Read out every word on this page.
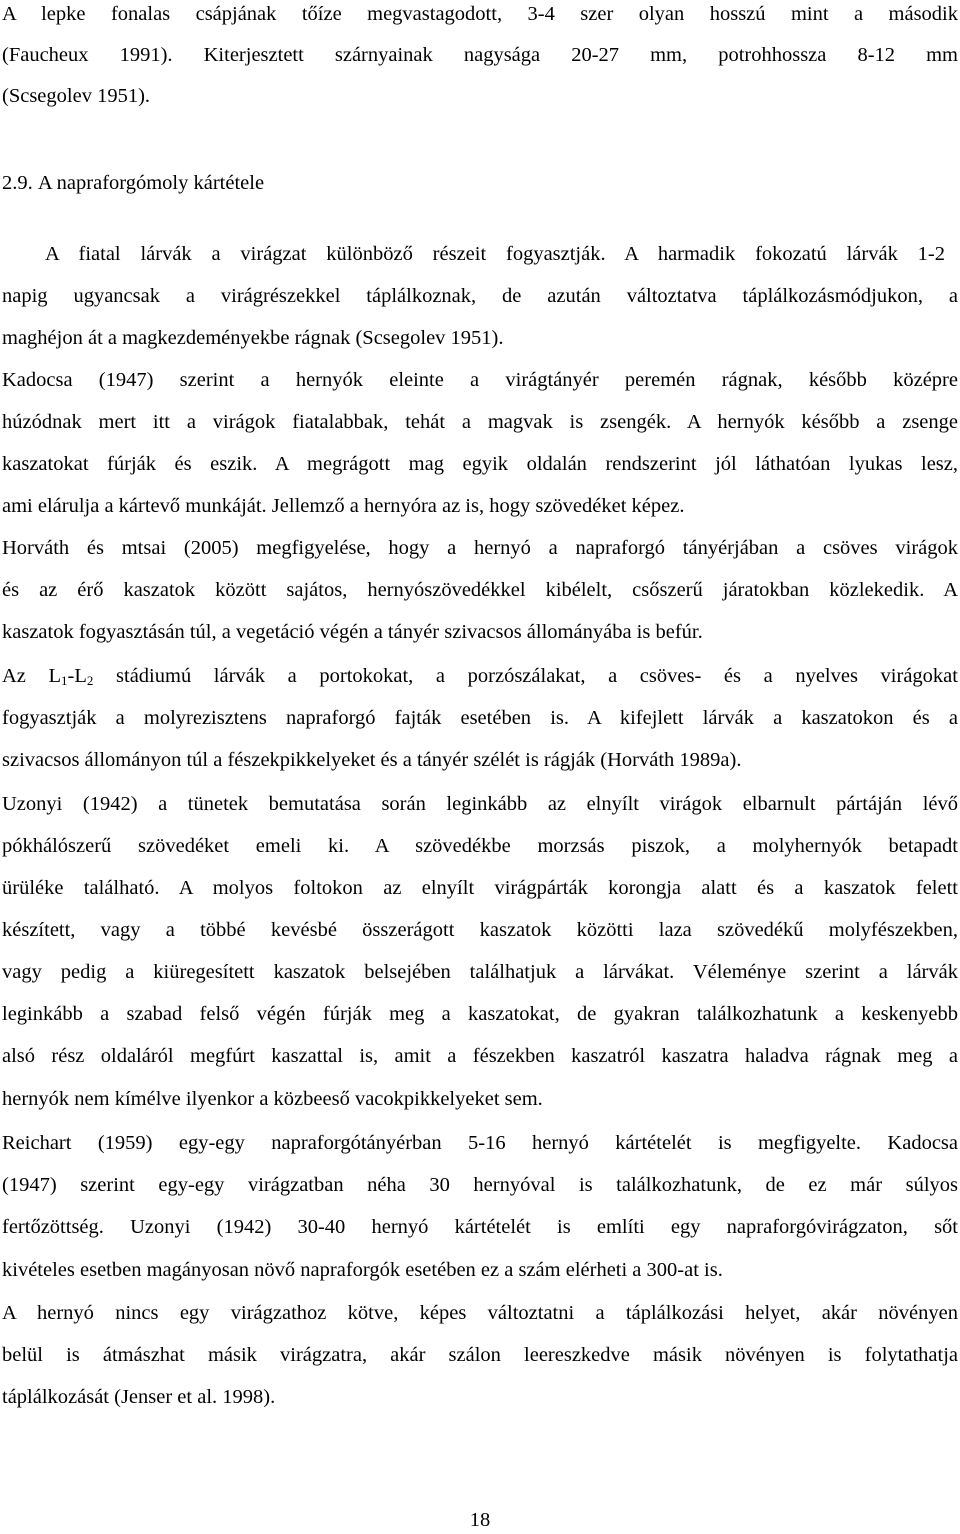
A lepke fonalas csápjának tőíze megvastagodott, 3-4 szer olyan hosszú mint a második
(Faucheux 1991). Kiterjesztett szárnyainak nagysága 20-27 mm, potrohhossza 8-12 mm
(Scsegolev 1951).
2.9. A napraforgómoly kártétele
A fiatal lárvák a virágzat különböző részeit fogyasztják. A harmadik fokozatú lárvák 1-2
napig ugyancsak a virágrészekkel táplálkoznak, de azután változtatva táplálkozásmódjukon, a
maghéjon át a magkezdeményekbe rágnak (Scsegolev 1951).
Kadocsa (1947) szerint a hernyók eleinte a virágtányér peremén rágnak, később középre
húzódnak mert itt a virágok fiatalabbak, tehát a magvak is zsengék. A hernyók később a zsenge
kaszatokat fúrják és eszik. A megrágott mag egyik oldalán rendszerint jól láthatóan lyukas lesz,
ami elárulja a kártevő munkáját. Jellemző a hernyóra az is, hogy szövedéket képez.
Horváth és mtsai (2005) megfigyelése, hogy a hernyó a napraforgó tányérjában a csöves virágok
és az érő kaszatok között sajátos, hernyószövedékkel kibélelt, csőszerű járatokban közlekedik. A
kaszatok fogyasztásán túl, a vegetáció végén a tányér szivacsos állományába is befúr.
Az $L_1-L_2$ stádiumú lárvák a portokokat, a porzószálakat, a csöves- és a nyelves virágokat
fogyasztják a molyrezisztens napraforgó fajták esetében is. A kifejlett lárvák a kaszatokon és a
szivacsos állományon túl a fészekpikkelyeket és a tányér szélét is rágják (Horváth 1989a).
Uzonyi (1942) a tünetek bemutatása során leginkább az elnyílt virágok elbarnult pártáján lévő
pókhálószerű szövedéket emeli ki. A szövedékbe morzsás piszok, a molyhernyók betapadt
ürüléke található. A molyos foltokon az elnyílt virágpárták korongja alatt és a kaszatok felett
készített, vagy a többé kevésbé összerágott kaszatok közötti laza szövedékű molyfészekben,
vagy pedig a kiüregesített kaszatok belsejében találhatjuk a lárvákat. Véleménye szerint a lárvák
leginkább a szabad felső végén fúrják meg a kaszatokat, de gyakran találkozhatunk a keskenyebb
alsó rész oldaláról megfúrt kaszattal is, amit a fészekben kaszatról kaszatra haladva rágnak meg a
hernyók nem kímélve ilyenkor a közbeeső vacokpikkelyeket sem.
Reichart (1959) egy-egy napraforgótányérban 5-16 hernyó kártételét is megfigyelte. Kadocsa
(1947) szerint egy-egy virágzatban néha 30 hernyóval is találkozhatunk, de ez már súlyos
fertőzöttség. Uzonyi (1942) 30-40 hernyó kártételét is említi egy napraforgóvirágzaton, sőt
kivételes esetben magányosan növő napraforgók esetében ez a szám elérheti a 300-at is.
A hernyó nincs egy virágzathoz kötve, képes változtatni a táplálkozási helyet, akár növényen
belül is átmászhat másik virágzatra, akár szálon leereszkedve másik növényen is folytathatja
táplálkozását (Jenser et al. 1998).
18
